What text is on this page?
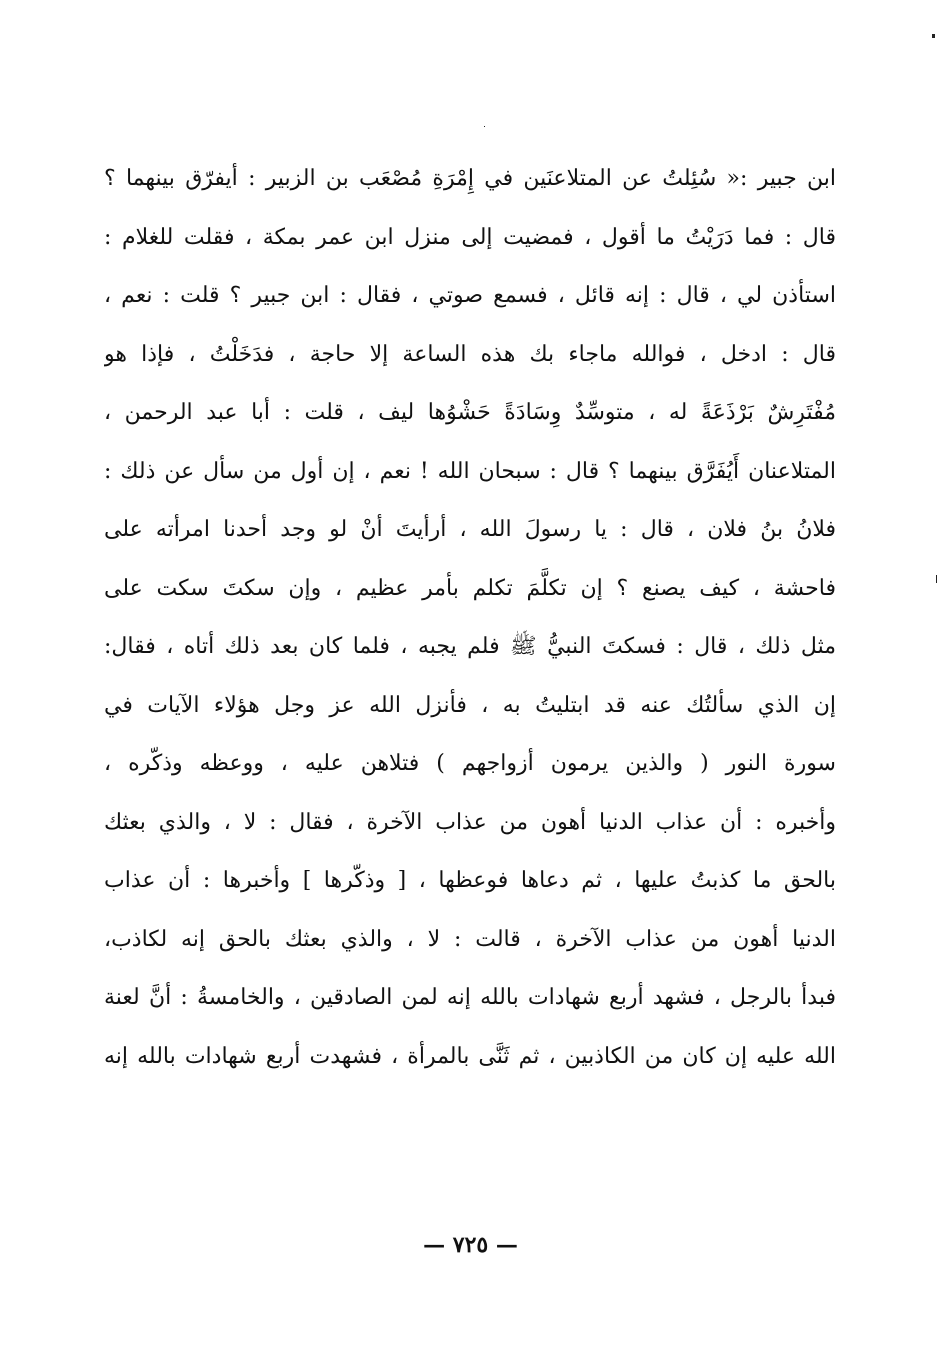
ابن جبير :« سُئِلتُ عن المتلاعنَين في إِمْرَةِ مُصْعَب بن الزبير : أيفرّق بينهما ؟
قال : فما دَرَيْتُ ما أقول ، فمضيت إلى منزل ابن عمر بمكة ، فقلت للغلام :
استأذن لي ، قال : إنه قائل ، فسمع صوتي ، فقال : ابن جبير ؟ قلت : نعم ،
قال : ادخل ، فوالله ماجاء بك هذه الساعة إلا حاجة ، فدَخَلْتُ ، فإذا هو
مُفْتَرِشٌ بَرْذَعَةً له ، متوسِّدٌ وِسَادَةً حَشْوُها ليف ، قلت : أبا عبد الرحمن ،
المتلاعنان أَيُفَرَّق بينهما ؟ قال : سبحان الله ! نعم ، إن أول من سأل عن ذلك :
فلانُ بنُ فلان ، قال : يا رسولَ الله ، أرأيتَ أنْ لو وجد أحدنا امرأته على
فاحشة ، كيف يصنع ؟ إن تكلَّمَ تكلم بأمر عظيم ، وإن سكتَ سكت على
مثل ذلك ، قال : فسكتَ النبيُّ ﷺ فلم يجبه ، فلما كان بعد ذلك أتاه ، فقال:
إن الذي سألتُك عنه قد ابتليتُ به ، فأنزل الله عز وجل هؤلاء الآيات في
سورة النور ( والذين يرمون أزواجهم ) فتلاهن عليه ، ووعظه وذكّره ،
وأخبره : أن عذاب الدنيا أهون من عذاب الآخرة ، فقال : لا ، والذي بعثك
بالحق ما كذبتُ عليها ، ثم دعاها فوعظها ، [ وذكّرها ] وأخبرها : أن عذاب
الدنيا أهون من عذاب الآخرة ، قالت : لا ، والذي بعثك بالحق إنه لكاذب،
فبدأ بالرجل ، فشهد أربع شهادات بالله إنه لمن الصادقين ، والخامسةُ : أنَّ لعنة
الله عليه إن كان من الكاذبين ، ثم ثَنَّى بالمرأة ، فشهدت أربع شهادات بالله إنه
— ٧٢٥ —
